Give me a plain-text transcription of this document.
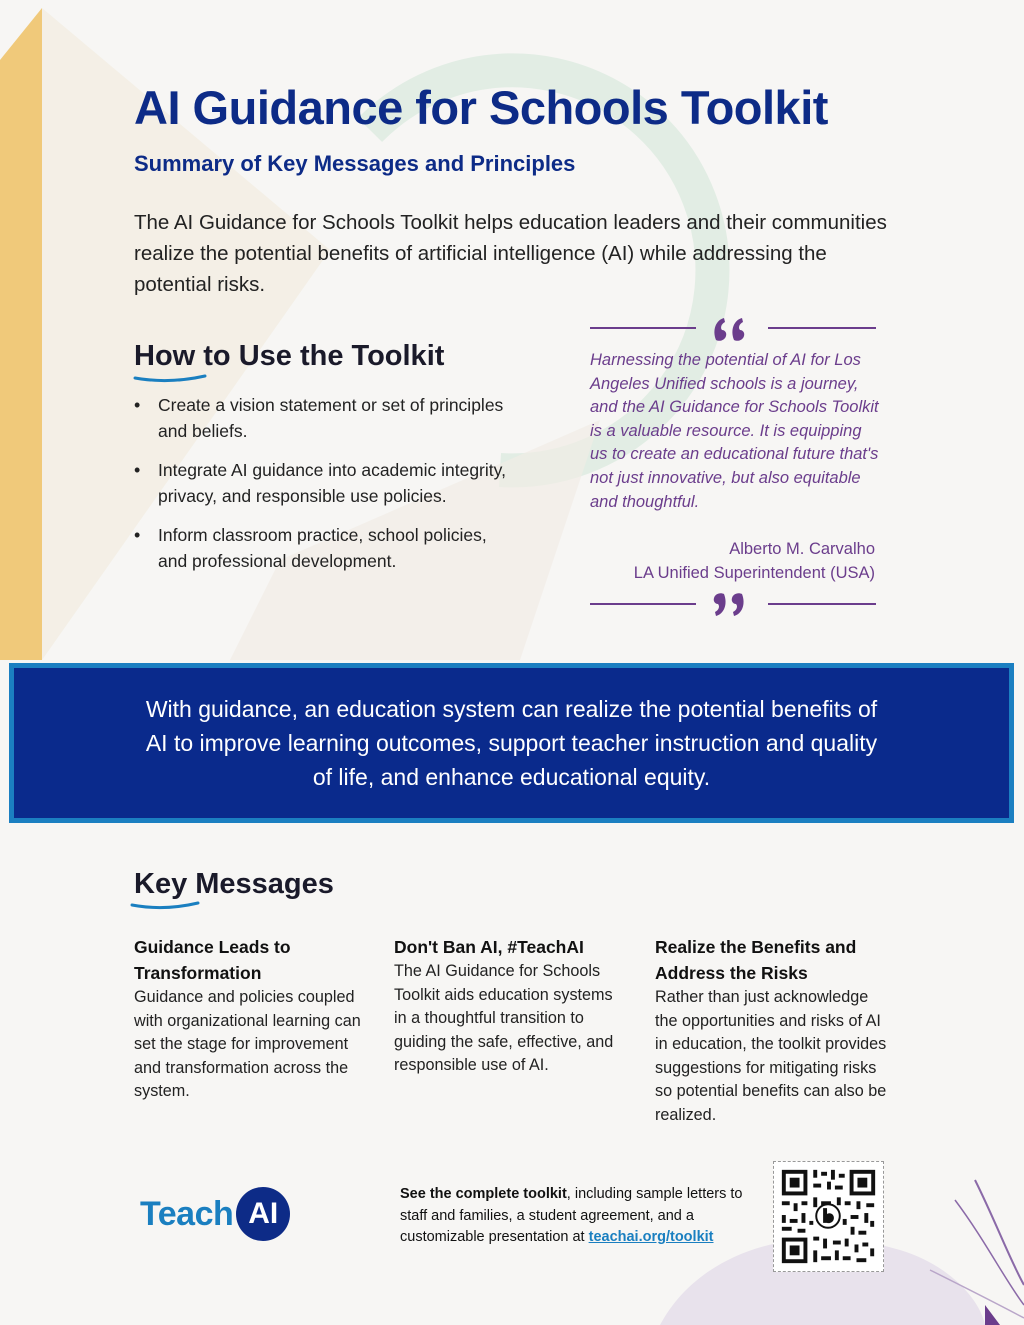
AI Guidance for Schools Toolkit
Summary of Key Messages and Principles
The AI Guidance for Schools Toolkit helps education leaders and their communities realize the potential benefits of artificial intelligence (AI) while addressing the potential risks.
How to Use the Toolkit
• Create a vision statement or set of principles and beliefs.
• Integrate AI guidance into academic integrity, privacy, and responsible use policies.
• Inform classroom practice, school policies, and professional development.
Harnessing the potential of AI for Los Angeles Unified schools is a journey, and the AI Guidance for Schools Toolkit is a valuable resource. It is equipping us to create an educational future that's not just innovative, but also equitable and thoughtful.
Alberto M. Carvalho
LA Unified Superintendent (USA)
With guidance, an education system can realize the potential benefits of AI to improve learning outcomes, support teacher instruction and quality of life, and enhance educational equity.
Key Messages
Guidance Leads to Transformation
Guidance and policies coupled with organizational learning can set the stage for improvement and transformation across the system.
Don't Ban AI, #TeachAI
The AI Guidance for Schools Toolkit aids education systems in a thoughtful transition to guiding the safe, effective, and responsible use of AI.
Realize the Benefits and Address the Risks
Rather than just acknowledge the opportunities and risks of AI in education, the toolkit provides suggestions for mitigating risks so potential benefits can also be realized.
Teach AI
See the complete toolkit, including sample letters to staff and families, a student agreement, and a customizable presentation at teachai.org/toolkit
